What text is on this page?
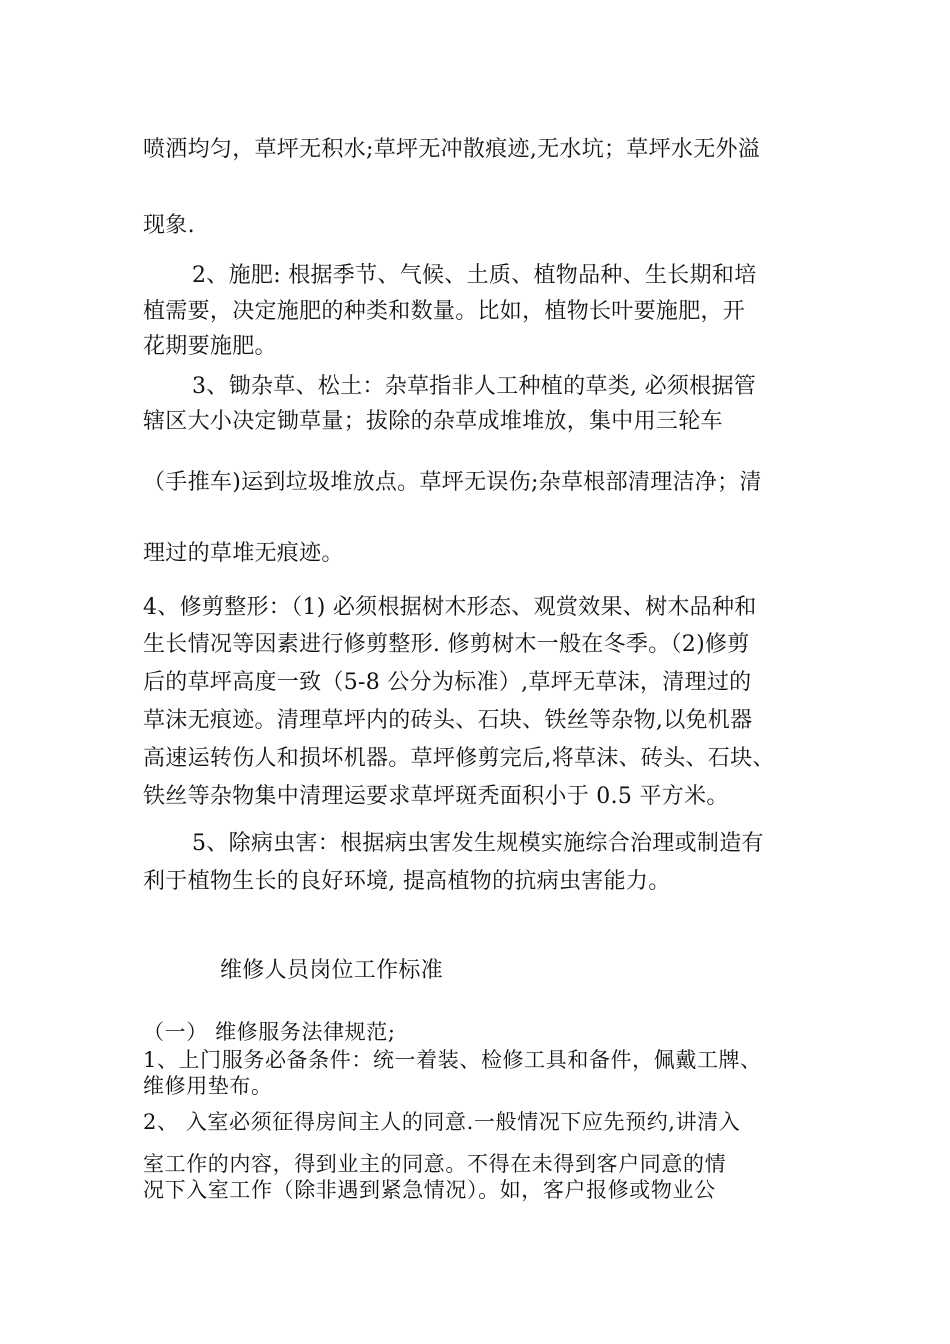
喷洒均匀，草坪无积水;草坪无冲散痕迹,无水坑；草坪水无外溢
现象.
2、施肥: 根据季节、气候、土质、植物品种、生长期和培
植需要，决定施肥的种类和数量。比如，植物长叶要施肥，开
花期要施肥。
3、锄杂草、松土：杂草指非人工种植的草类, 必须根据管
辖区大小决定锄草量；拔除的杂草成堆堆放，集中用三轮车
（手推车)运到垃圾堆放点。草坪无误伤;杂草根部清理洁净；清
理过的草堆无痕迹。
4、修剪整形：（1) 必须根据树木形态、观赏效果、树木品种和
生长情况等因素进行修剪整形. 修剪树木一般在冬季。（2)修剪
后的草坪高度一致（5-8 公分为标准）,草坪无草沫，清理过的
草沫无痕迹。清理草坪内的砖头、石块、铁丝等杂物,以免机器
高速运转伤人和损坏机器。草坪修剪完后,将草沫、砖头、石块、
铁丝等杂物集中清理运要求草坪斑秃面积小于 0.5 平方米。
5、除病虫害：根据病虫害发生规模实施综合治理或制造有
利于植物生长的良好环境, 提高植物的抗病虫害能力。
维修人员岗位工作标准
（一） 维修服务法律规范;
1、上门服务必备条件：统一着装、检修工具和备件，佩戴工牌、
维修用垫布。
2、 入室必须征得房间主人的同意.一般情况下应先预约,讲清入
室工作的内容，得到业主的同意。不得在未得到客户同意的情
况下入室工作（除非遇到紧急情况）。如，客户报修或物业公
